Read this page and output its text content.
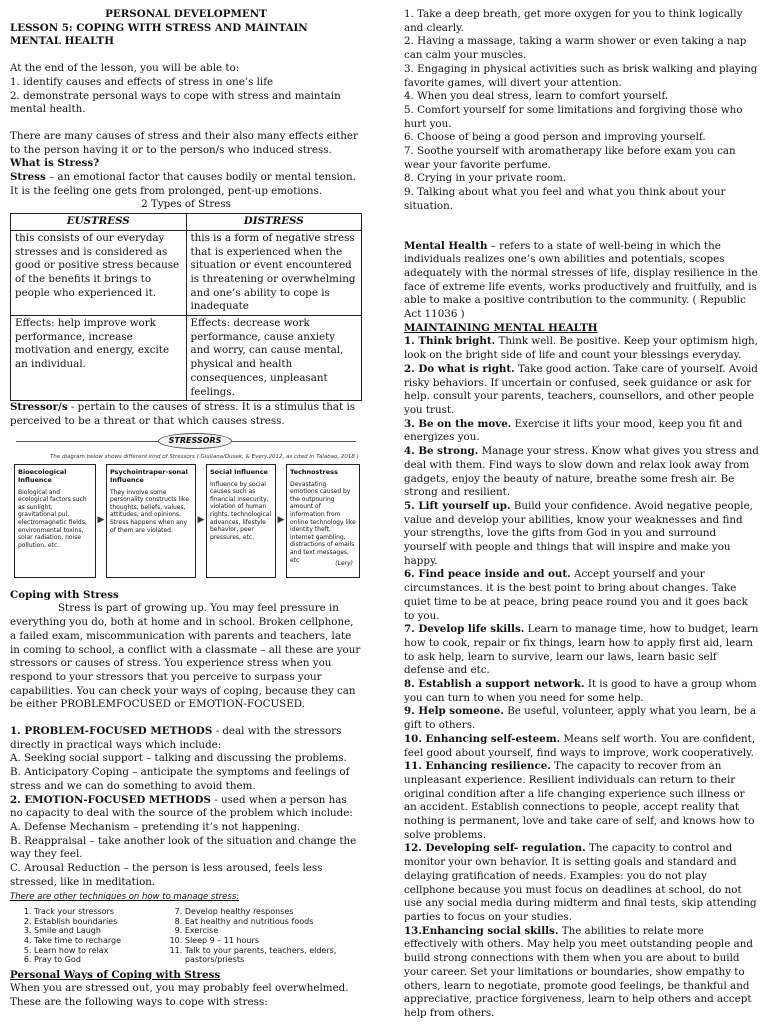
PERSONAL DEVELOPMENT

LESSON 5: COPING WITH STRESS AND MAINTAIN MENTAL HEALTH

At the end of the lesson, you will be able to:

1. identify causes and effects of stress in one’s life

2. demonstrate personal ways to cope with stress and maintain mental health.

There are many causes of stress and their also many effects either to the person having it or to the person/s who induced stress.

What is Stress?

Stress – an emotional factor that causes bodily or mental tension. It is the feeling one gets from prolonged, pent-up emotions.

2 Types of Stress

EUSTRESS	DISTRESS
this consists of our everyday stresses and is considered as good or positive stress because of the benefits it brings to people who experienced it.	this is a form of negative stress that is experienced when the situation or event encountered is threatening or overwhelming and one’s ability to cope is inadequate
Effects: help improve work performance, increase motivation and energy, excite an individual.	Effects: decrease work performance, cause anxiety and worry, can cause mental, physical and health consequences, unpleasant feelings.

Stressor/s - pertain to the causes of stress. It is a stimulus that is perceived to be a threat or that which causes stress.

STRESSORS
The diagram below shows different kind of Stressors ( Giuliana/Dusek, & Every,2012, as cited in Talabao, 2018 )
Bioecological Influence
Biological and ecological factors such as sunlight, gravitational pul, electromagnetic fields, environmental toxins, solar radiation, noise pollution, etc.
▶
Psychointraper-sonal Influence
They involve some personality constructs like thoughts, beliefs, values, attitudes, and opinions. Stress happens when any of them are violated.
▶
Social Influence
Influence by social causes such as financial insecurity, violation of human rights, technological advances, lifestyle behavior, peer pressures, etc.
▶
Technostress
Devastating emotions caused by the outpouring amount of information from online technology like identity theft, internet gambling, distractions of emails and text messages, etc	(Lery)

Coping with Stress

Stress is part of growing up. You may feel pressure in everything you do, both at home and in school. Broken cellphone, a failed exam, miscommunication with parents and teachers, late in coming to school, a conflict with a classmate – all these are your stressors or causes of stress. You experience stress when you respond to your stressors that you perceive to surpass your capabilities. You can check your ways of coping, because they can be either PROBLEMFOCUSED or EMOTION-FOCUSED.

1. PROBLEM-FOCUSED METHODS - deal with the stressors directly in practical ways which include:

A. Seeking social support – talking and discussing the problems.

B. Anticipatory Coping – anticipate the symptoms and feelings of stress and we can do something to avoid them.

2. EMOTION-FOCUSED METHODS - used when a person has no capacity to deal with the source of the problem which include:

A. Defense Mechanism – pretending it’s not happening.

B. Reappraisal – take another look of the situation and change the way they feel.

C. Arousal Reduction – the person is less aroused, feels less stressed, like in meditation.

There are other techniques on how to manage stress:

1. Track your stressors
2. Establish boundaries
3. Smile and Laugh
4. Take time to recharge
5. Learn how to relax
6. Pray to God
7. Develop healthy responses
8. Eat healthy and nutritious foods
9. Exercise
10. Sleep 9 – 11 hours
11. Talk to your parents, teachers, elders, pastors/priests

Personal Ways of Coping with Stress

When you are stressed out, you may probably feel overwhelmed. These are the following ways to cope with stress:

1. Take a deep breath, get more oxygen for you to think logically and clearly.

2. Having a massage, taking a warm shower or even taking a nap can calm your muscles.

3. Engaging in physical activities such as brisk walking and playing favorite games, will divert your attention.

4. When you deal stress, learn to comfort yourself.

5. Comfort yourself for some limitations and forgiving those who hurt you.

6. Choose of being a good person and improving yourself.

7. Soothe yourself with aromatherapy like before exam you can wear your favorite perfume.

8. Crying in your private room.

9. Talking about what you feel and what you think about your situation.

Mental Health – refers to a state of well-being in which the individuals realizes one’s own abilities and potentials, scopes adequately with the normal stresses of life, display resilience in the face of extreme life events, works productively and fruitfully, and is able to make a positive contribution to the community. ( Republic Act 11036 )

MAINTAINING MENTAL HEALTH

1. Think bright. Think well. Be positive. Keep your optimism high, look on the bright side of life and count your blessings everyday.

2. Do what is right. Take good action. Take care of yourself. Avoid risky behaviors. If uncertain or confused, seek guidance or ask for help. consult your parents, teachers, counsellors, and other people you trust.

3. Be on the move. Exercise it lifts your mood, keep you fit and energizes you.

4. Be strong. Manage your stress. Know what gives you stress and deal with them. Find ways to slow down and relax look away from gadgets, enjoy the beauty of nature, breathe some fresh air. Be strong and resilient.

5. Lift yourself up. Build your confidence. Avoid negative people, value and develop your abilities, know your weaknesses and find your strengths, love the gifts from God in you and surround yourself with people and things that will inspire and make you happy.

6. Find peace inside and out. Accept yourself and your circumstances. it is the best point to bring about changes. Take quiet time to be at peace, bring peace round you and it goes back to you.

7. Develop life skills. Learn to manage time, how to budget, learn how to cook, repair or fix things, learn how to apply first aid, learn to ask help, learn to survive, learn our laws, learn basic self defense and etc.

8. Establish a support network. It is good to have a group whom you can turn to when you need for some help.

9. Help someone. Be useful, volunteer, apply what you learn, be a gift to others.

10. Enhancing self-esteem. Means self worth. You are confident, feel good about yourself, find ways to improve, work cooperatively.

11. Enhancing resilience. The capacity to recover from an unpleasant experience. Resilient individuals can return to their original condition after a life changing experience such illness or an accident. Establish connections to people, accept reality that nothing is permanent, love and take care of self, and knows how to solve problems.

12. Developing self- regulation. The capacity to control and monitor your own behavior. It is setting goals and standard and delaying gratification of needs. Examples: you do not play cellphone because you must focus on deadlines at school, do not use any social media during midterm and final tests, skip attending parties to focus on your studies.

13.Enhancing social skills. The abilities to relate more effectively with others. May help you meet outstanding people and build strong connections with them when you are about to build your career. Set your limitations or boundaries, show empathy to others, learn to negotiate, promote good feelings, be thankful and appreciative, practice forgiveness, learn to help others and accept help from others.
